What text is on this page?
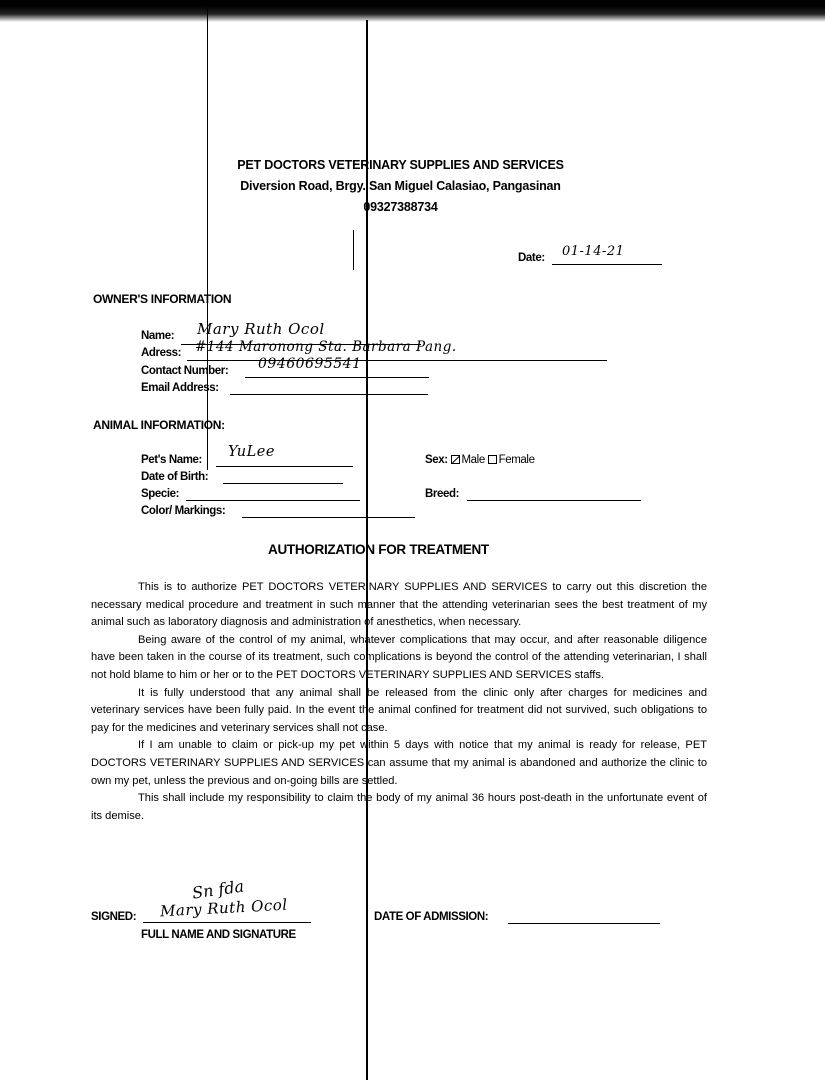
PET DOCTORS VETERINARY SUPPLIES AND SERVICES
Diversion Road, Brgy. San Miguel Calasiao, Pangasinan
09327388734
Date: 01-14-21
OWNER'S INFORMATION
Name: Mary Ruth Ocol
Adress: #144 Maronong Sta. Barbara Pang.
Contact Number: 09460695541
Email Address:
ANIMAL INFORMATION:
Pet's Name: YuLee
Date of Birth:
Specie:
Color/ Markings:
Sex: Male Female
Breed:
AUTHORIZATION FOR TREATMENT

This is to authorize PET DOCTORS VETERINARY SUPPLIES AND SERVICES to carry out this discretion the necessary medical procedure and treatment in such manner that the attending veterinarian sees the best treatment of my animal such as laboratory diagnosis and administration of anesthetics, when necessary.

Being aware of the control of my animal, whatever complications that may occur, and after reasonable diligence have been taken in the course of its treatment, such complications is beyond the control of the attending veterinarian, I shall not hold blame to him or her or to the PET DOCTORS VETERINARY SUPPLIES AND SERVICES staffs.

It is fully understood that any animal shall be released from the clinic only after charges for medicines and veterinary services have been fully paid. In the event the animal confined for treatment did not survived, such obligations to pay for the medicines and veterinary services shall not case.

If I am unable to claim or pick-up my pet within 5 days with notice that my animal is ready for release, PET DOCTORS VETERINARY SUPPLIES AND SERVICES can assume that my animal is abandoned and authorize the clinic to own my pet, unless the previous and on-going bills are settled.

This shall include my responsibility to claim the body of my animal 36 hours post-death in the unfortunate event of its demise.

SIGNED:
Sn fda
Mary Ruth Ocol
FULL NAME AND SIGNATURE
DATE OF ADMISSION:
